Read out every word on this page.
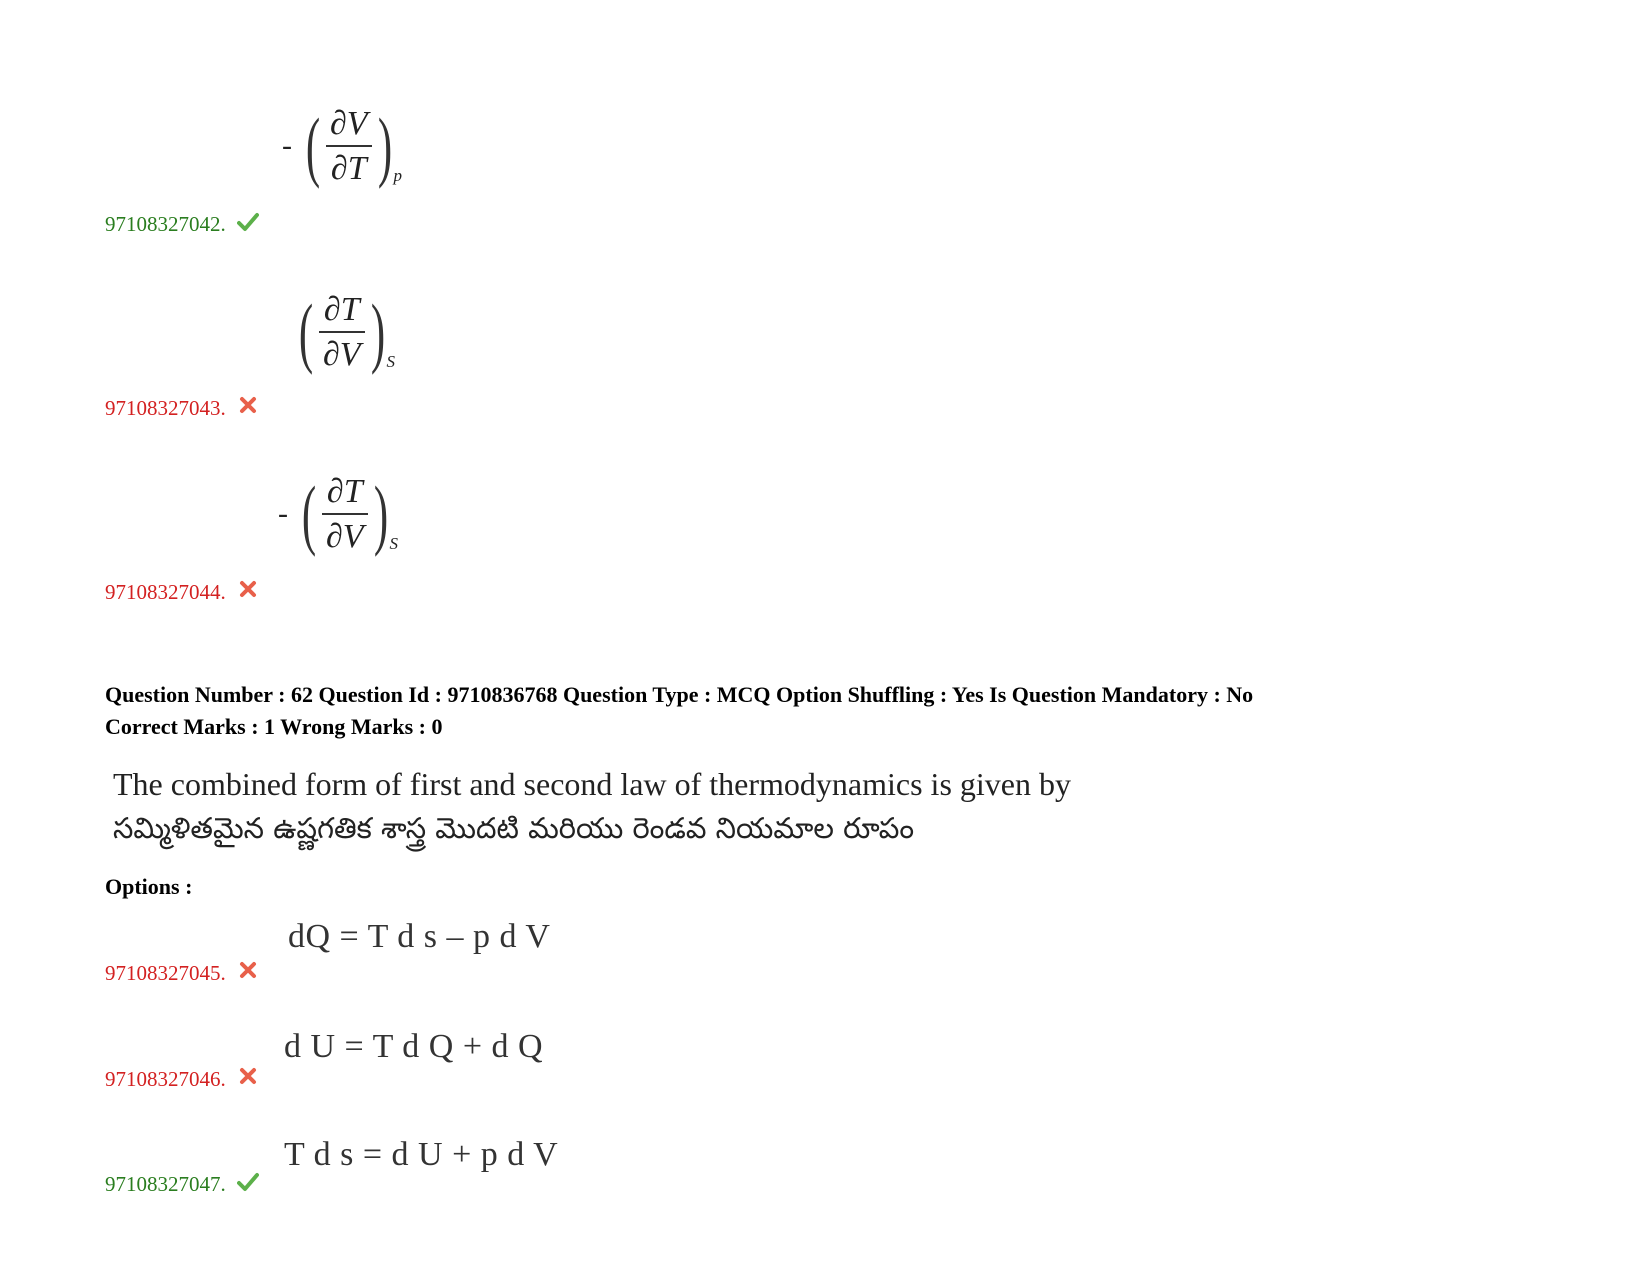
- ( $\frac{\partial V}{\partial T}$ ) p
97108327042.
( $\frac{\partial T}{\partial V}$ ) S
97108327043.
- ( $\frac{\partial T}{\partial V}$ ) S
97108327044.
Question Number : 62 Question Id : 9710836768 Question Type : MCQ Option Shuffling : Yes Is Question Mandatory : No
Correct Marks : 1 Wrong Marks : 0
The combined form of first and second law of thermodynamics is given by
సమ్మిళితమైన ఉష్ణగతిక శాస్త్ర మొదటి మరియు రెండవ నియమాల రూపం
Options :
dQ = T d s – p d V
97108327045.
d U = T d Q + d Q
97108327046.
T d s = d U + p d V
97108327047.
